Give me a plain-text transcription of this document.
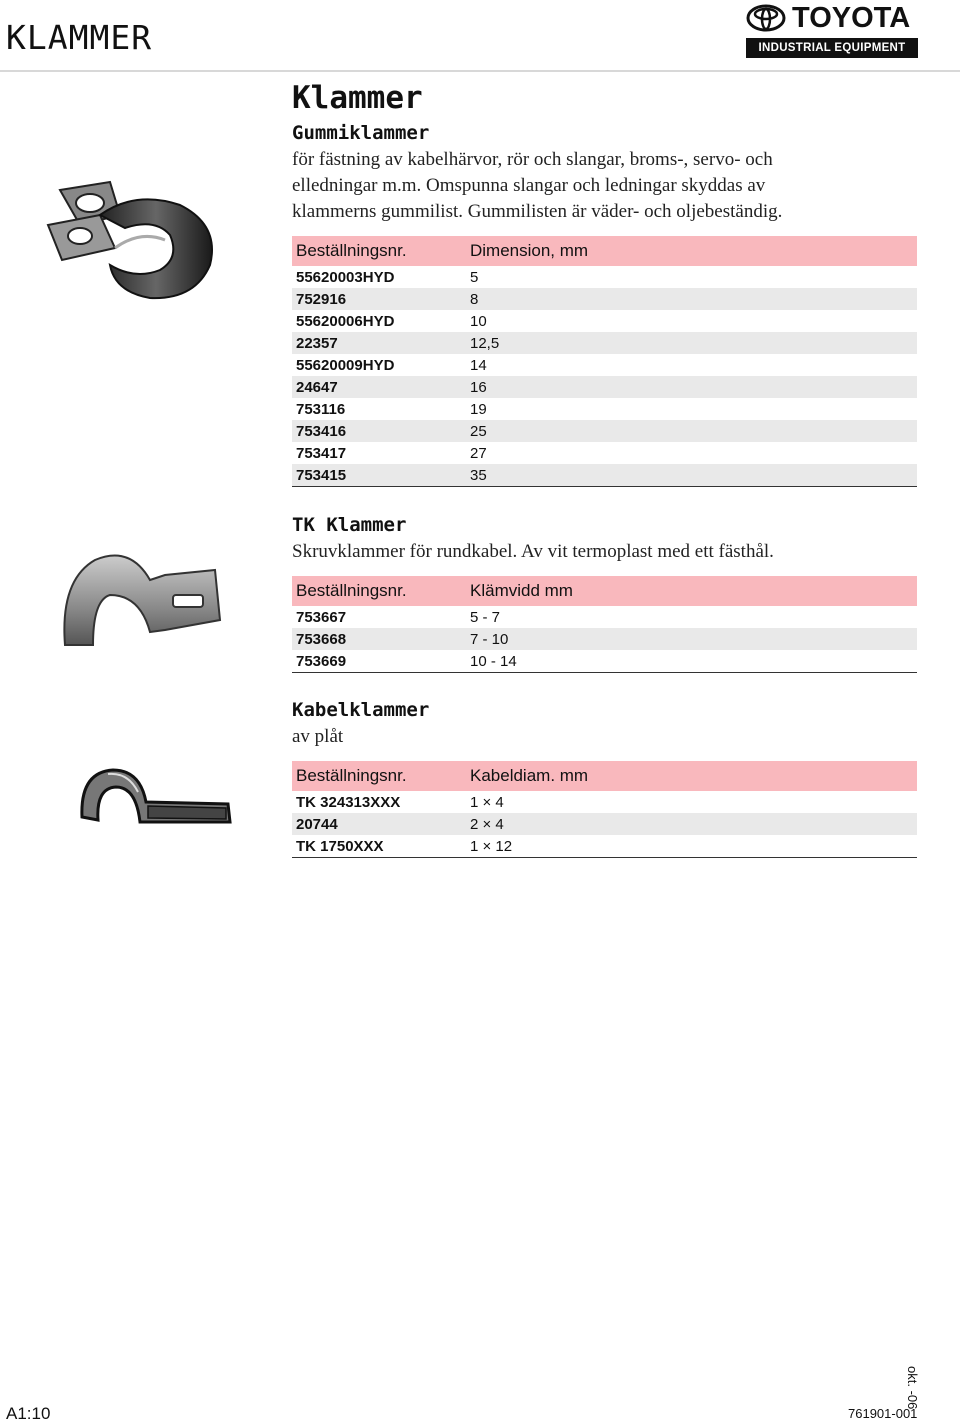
KLAMMER	TOYOTA
INDUSTRIAL EQUIPMENT
Klammer
Gummiklammer
för fästning av kabelhärvor, rör och slangar, broms-, servo- och
elledningar m.m. Omspunna slangar och ledningar skyddas av
klammerns gummilist. Gummilisten är väder- och oljebeständig.
Beställningsnr.	Dimension, mm
55620003HYD	5
752916	8
55620006HYD	10
22357	12,5
55620009HYD	14
24647	16
753116	19
753416	25
753417	27
753415	35
TK Klammer
Skruvklammer för rundkabel. Av vit termoplast med ett fästhål.
Beställningsnr.	Klämvidd mm
753667	5 - 7
753668	7 - 10
753669	10 - 14
Kabelklammer
av plåt
Beställningsnr.	Kabeldiam. mm
TK 324313XXX	1 × 4
20744	2 × 4
TK 1750XXX	1 × 12
A1:10	761901-001
okt. -06
